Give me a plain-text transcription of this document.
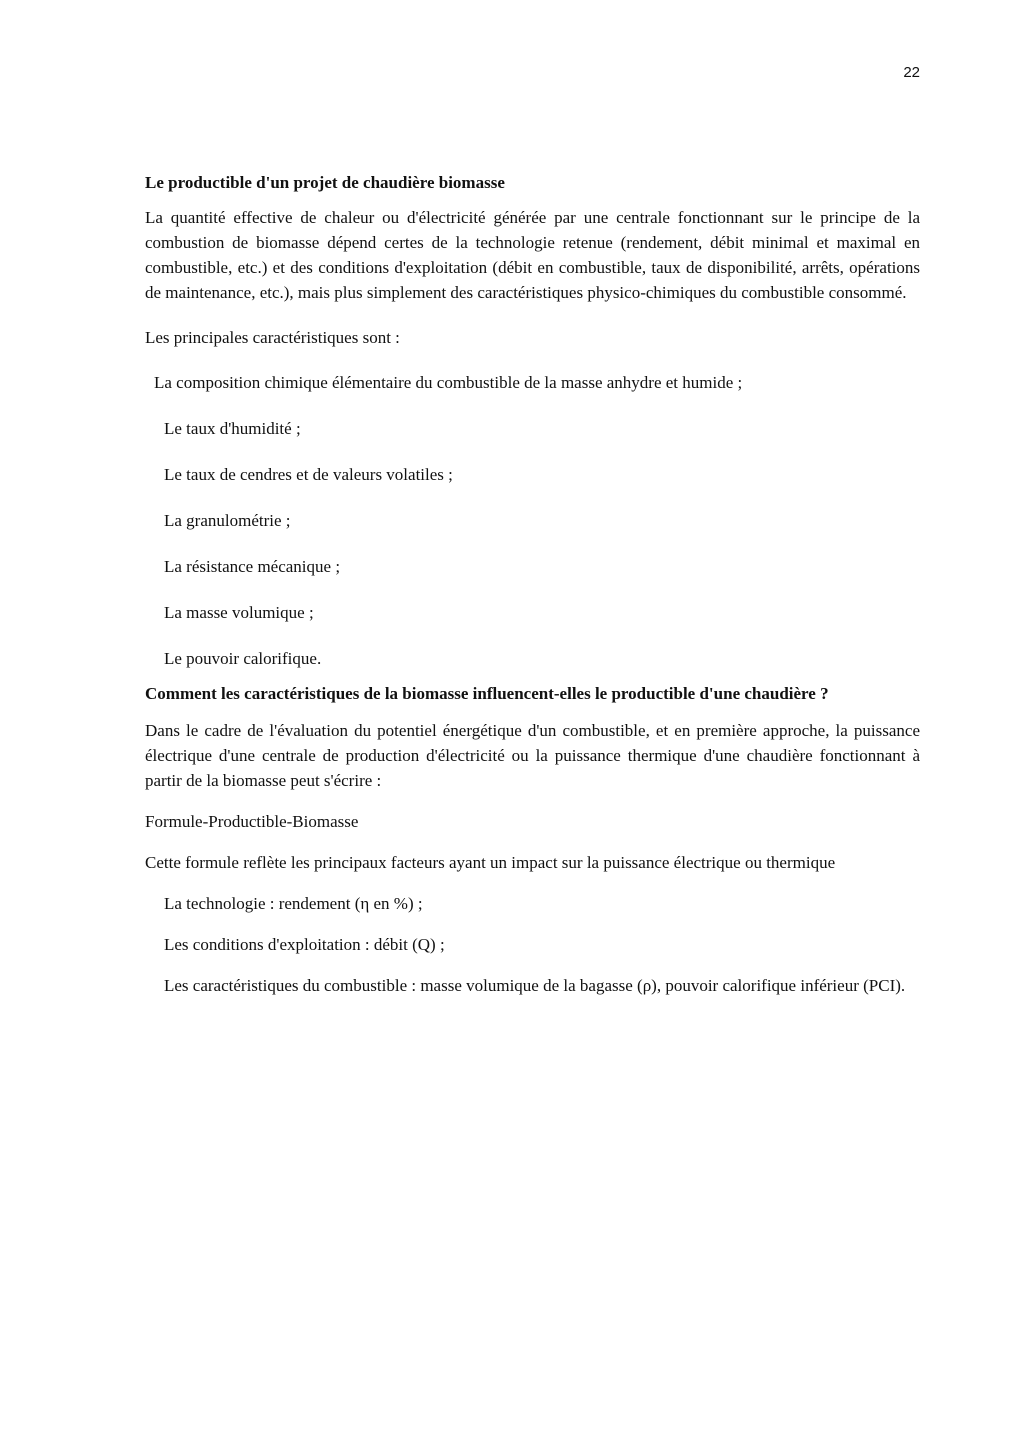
22

Le productible d'un projet de chaudière biomasse

La quantité effective de chaleur ou d'électricité générée par une centrale fonctionnant sur le principe de la combustion de biomasse dépend certes de la technologie retenue (rendement, débit minimal et maximal en combustible, etc.) et des conditions d'exploitation (débit en combustible, taux de disponibilité, arrêts, opérations de maintenance, etc.), mais plus simplement des caractéristiques physico-chimiques du combustible consommé.

Les principales caractéristiques sont :

La composition chimique élémentaire du combustible de la masse anhydre et humide ;

Le taux d'humidité ;

Le taux de cendres et de valeurs volatiles ;

La granulométrie ;

La résistance mécanique ;

La masse volumique ;

Le pouvoir calorifique.

Comment les caractéristiques de la biomasse influencent-elles le productible d'une chaudière ?

Dans le cadre de l'évaluation du potentiel énergétique d'un combustible, et en première approche, la puissance électrique d'une centrale de production d'électricité ou la puissance thermique d'une chaudière fonctionnant à partir de la biomasse peut s'écrire :

Formule-Productible-Biomasse

Cette formule reflète les principaux facteurs ayant un impact sur la puissance électrique ou thermique

La technologie : rendement (η en %) ;

Les conditions d'exploitation : débit (Q) ;

Les caractéristiques du combustible : masse volumique de la bagasse (ρ), pouvoir calorifique inférieur (PCI).
